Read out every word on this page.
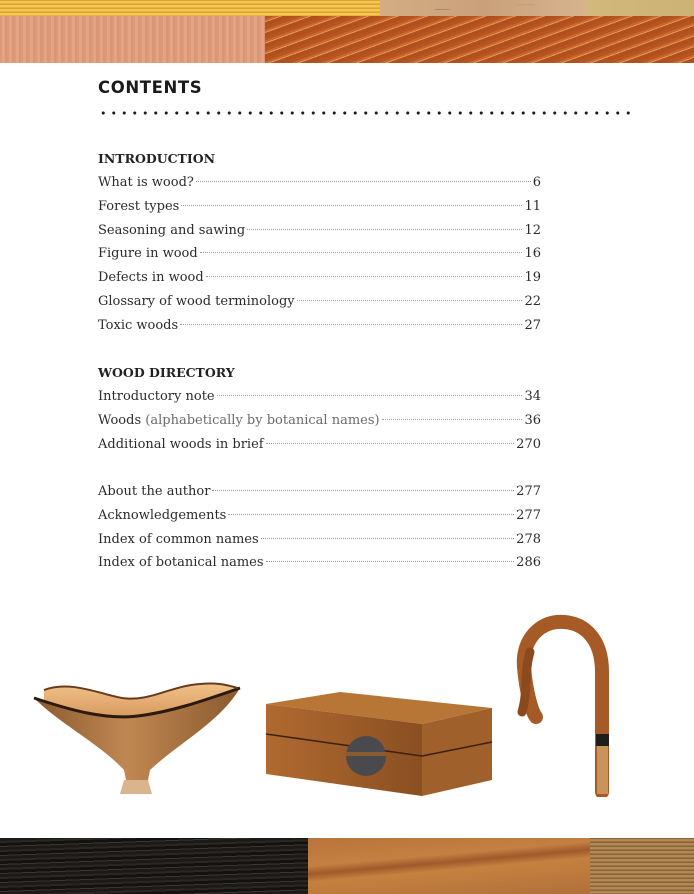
CONTENTS
INTRODUCTION
What is wood?	6
Forest types	11
Seasoning and sawing	12
Figure in wood	16
Defects in wood	19
Glossary of wood terminology	22
Toxic woods	27
WOOD DIRECTORY
Introductory note	34
Woods (alphabetically by botanical names)	36
Additional woods in brief	270
About the author	277
Acknowledgements	277
Index of common names	278
Index of botanical names	286
